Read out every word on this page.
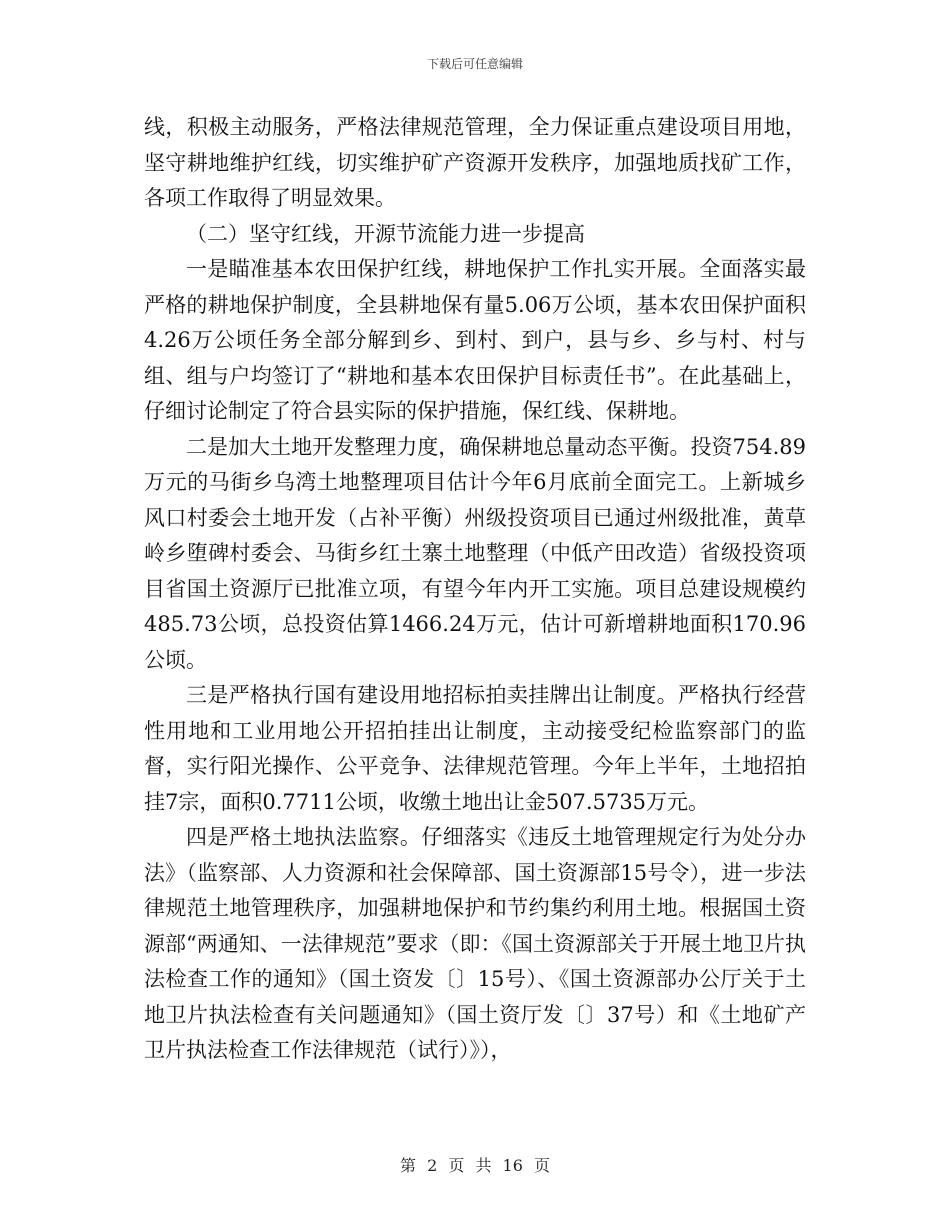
下载后可任意编辑

线，积极主动服务，严格法律规范管理，全力保证重点建设项目用地，坚守耕地维护红线，切实维护矿产资源开发秩序，加强地质找矿工作，各项工作取得了明显效果。

（二）坚守红线，开源节流能力进一步提高

一是瞄准基本农田保护红线，耕地保护工作扎实开展。全面落实最严格的耕地保护制度，全县耕地保有量5.06万公顷，基本农田保护面积4.26万公顷任务全部分解到乡、到村、到户，县与乡、乡与村、村与组、组与户均签订了“耕地和基本农田保护目标责任书”。在此基础上，仔细讨论制定了符合县实际的保护措施，保红线、保耕地。

二是加大土地开发整理力度，确保耕地总量动态平衡。投资754.89万元的马街乡乌湾土地整理项目估计今年6月底前全面完工。上新城乡风口村委会土地开发（占补平衡）州级投资项目已通过州级批准，黄草岭乡堕碑村委会、马街乡红土寨土地整理（中低产田改造）省级投资项目省国土资源厅已批准立项，有望今年内开工实施。项目总建设规模约485.73公顷，总投资估算1466.24万元，估计可新增耕地面积170.96公顷。

三是严格执行国有建设用地招标拍卖挂牌出让制度。严格执行经营性用地和工业用地公开招拍挂出让制度，主动接受纪检监察部门的监督，实行阳光操作、公平竞争、法律规范管理。今年上半年，土地招拍挂7宗，面积0.7711公顷，收缴土地出让金507.5735万元。

四是严格土地执法监察。仔细落实《违反土地管理规定行为处分办法》（监察部、人力资源和社会保障部、国土资源部15号令），进一步法律规范土地管理秩序，加强耕地保护和节约集约利用土地。根据国土资源部“两通知、一法律规范”要求（即：《国土资源部关于开展土地卫片执法检查工作的通知》（国土资发〔〕15号）、《国土资源部办公厅关于土地卫片执法检查有关问题通知》（国土资厅发〔〕37号）和《土地矿产卫片执法检查工作法律规范（试行）》），

第 2 页 共 16 页
